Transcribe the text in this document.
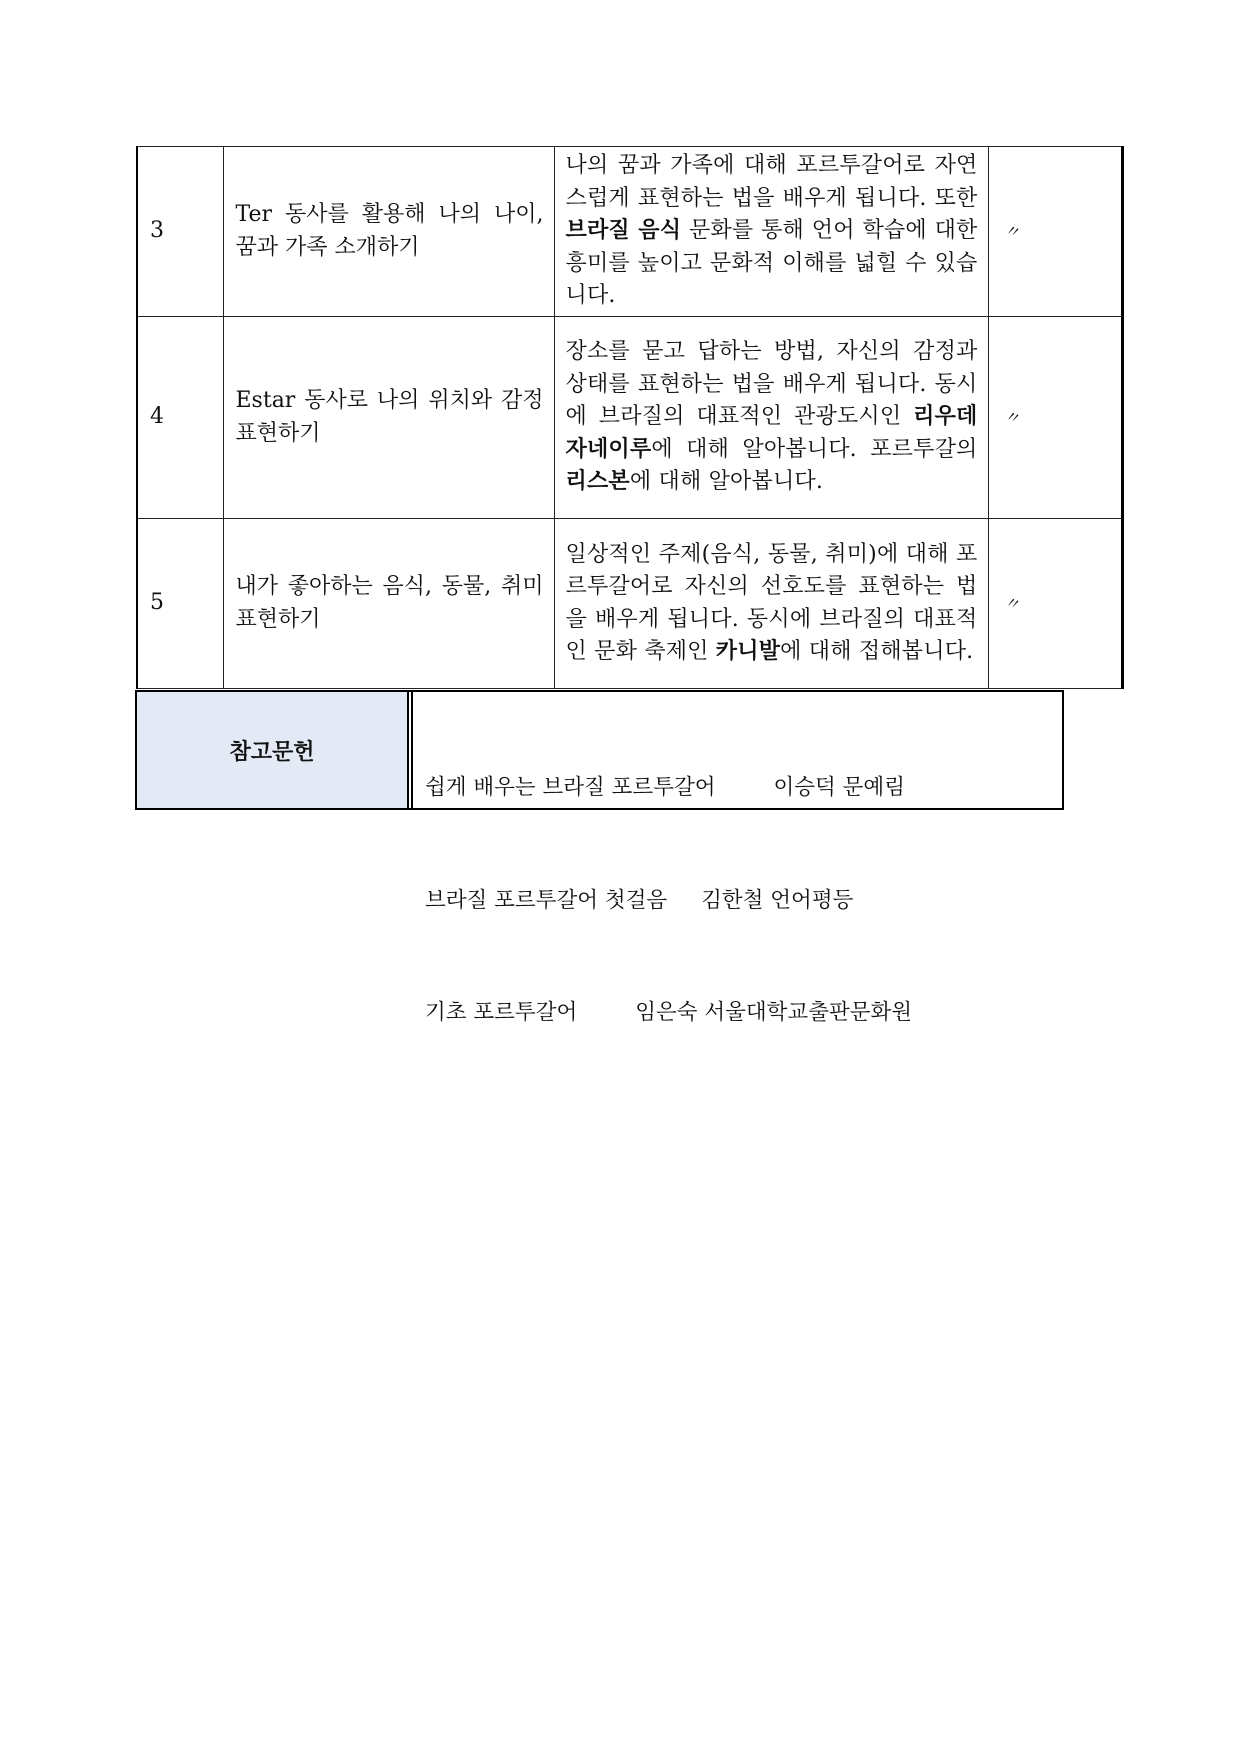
3	Ter 동사를 활용해 나의 나이, 꿈과 가족 소개하기	나의 꿈과 가족에 대해 포르투갈어로 자연스럽게 표현하는 법을 배우게 됩니다. 또한 브라질 음식 문화를 통해 언어 학습에 대한 흥미를 높이고 문화적 이해를 넓힐 수 있습니다.	〃
4	Estar 동사로 나의 위치와 감정 표현하기	장소를 묻고 답하는 방법, 자신의 감정과 상태를 표현하는 법을 배우게 됩니다. 동시에 브라질의 대표적인 관광도시인 리우데자네이루에 대해 알아봅니다. 포르투갈의 리스본에 대해 알아봅니다.	〃
5	내가 좋아하는 음식, 동물, 취미 표현하기	일상적인 주제(음식, 동물, 취미)에 대해 포르투갈어로 자신의 선호도를 표현하는 법을 배우게 됩니다. 동시에 브라질의 대표적인 문화 축제인 카니발에 대해 접해봅니다.	〃
참고문헌

쉽게 배우는 브라질 포르투갈어	이승덕 문예림

브라질 포르투갈어 첫걸음 김한철 언어평등

기초 포르투갈어	임은숙 서울대학교출판문화원
